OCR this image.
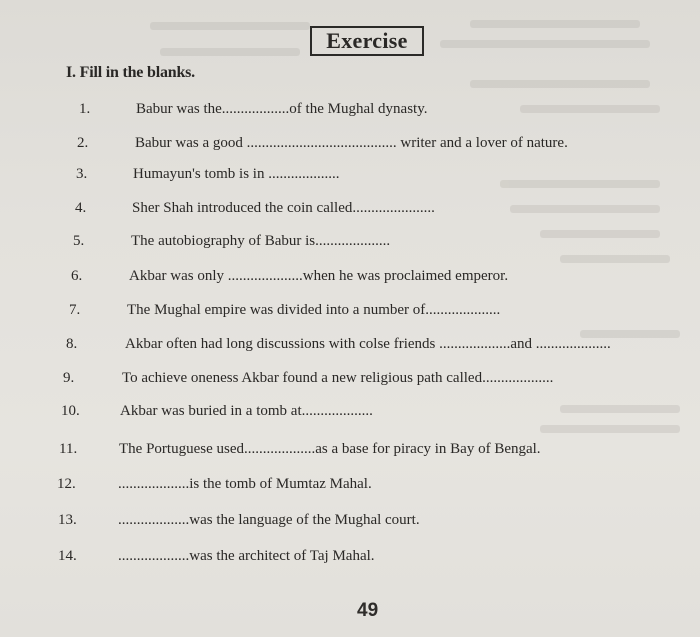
Exercise
I. Fill in the blanks.
1.	Babur was the..................of the Mughal dynasty.
2.	Babur was a good ........................................ writer and a lover of nature.
3.	Humayun's tomb is in ...................
4.	Sher Shah introduced the coin called......................
5.	The autobiography of Babur is....................
6.	Akbar was only ....................when he was proclaimed emperor.
7.	The Mughal empire was divided into a number of....................
8.	Akbar often had long discussions with colse friends ...................and ....................
9.	To achieve oneness Akbar found a new religious path called...................
10.	Akbar was buried in a tomb at...................
11.	The Portuguese used...................as a base for piracy in Bay of Bengal.
12.	...................is the tomb of Mumtaz Mahal.
13.	...................was the language of the Mughal court.
14.	...................was the architect of Taj Mahal.
49
